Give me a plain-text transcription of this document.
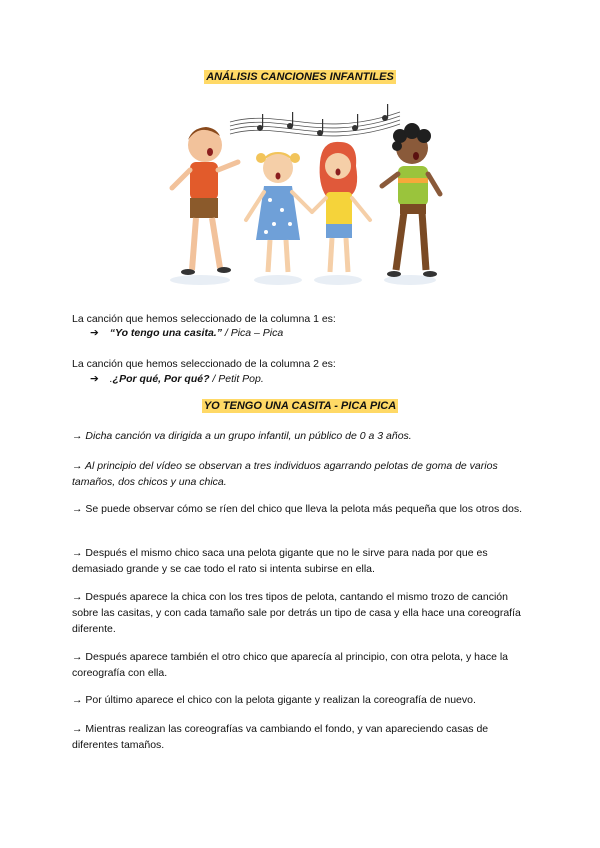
ANÁLISIS CANCIONES INFANTILES

La canción que hemos seleccionado de la columna 1 es:

➔ “Yo tengo una casita.” / Pica – Pica

La canción que hemos seleccionado de la columna 2 es:

➔ .¿Por qué, Por qué? / Petit Pop.
YO TENGO UNA CASITA - PICA PICA

→ Dicha canción va dirigida a un grupo infantil, un público de 0 a 3 años.

→ Al principio del vídeo se observan a tres individuos agarrando pelotas de goma de varios tamaños, dos chicos y una chica.

→ Se puede observar cómo se ríen del chico que lleva la pelota más pequeña que los otros dos.

→ Después el mismo chico saca una pelota gigante que no le sirve para nada por que es demasiado grande y se cae todo el rato si intenta subirse en ella.

→ Después aparece la chica con los tres tipos de pelota, cantando el mismo trozo de canción sobre las casitas, y con cada tamaño sale por detrás un tipo de casa y ella hace una coreografía diferente.

→ Después aparece también el otro chico que aparecía al principio, con otra pelota, y hace la coreografía con ella.

→ Por último aparece el chico con la pelota gigante y realizan la coreografía de nuevo.

→ Mientras realizan las coreografías va cambiando el fondo, y van apareciendo casas de diferentes tamaños.
